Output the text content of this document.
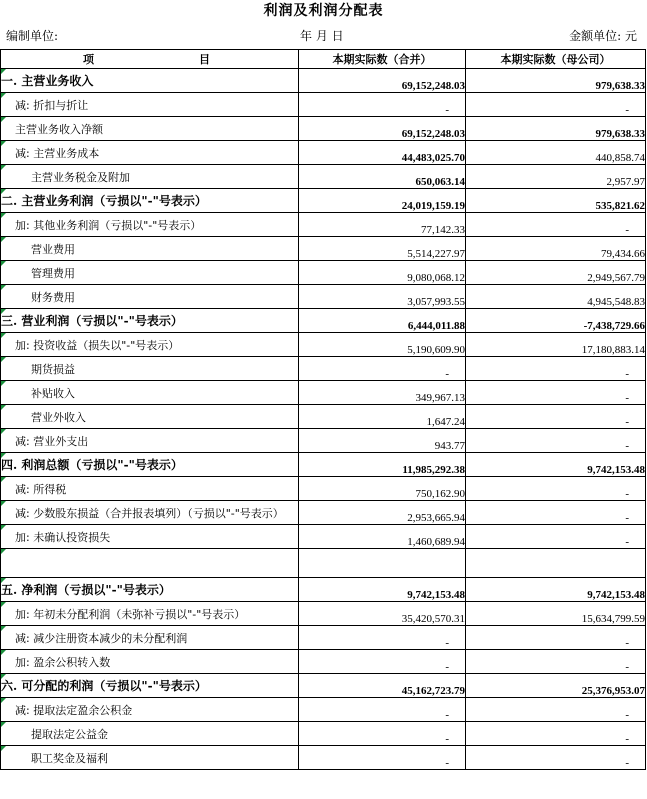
利润及利润分配表
编制单位:	年 月 日	金额单位: 元
项 目	本期实际数（合并）	本期实际数（母公司）
一. 主营业务收入	69,152,248.03	979,638.33
减: 折扣与折让	-	-
主营业务收入净额	69,152,248.03	979,638.33
减: 主营业务成本	44,483,025.70	440,858.74
主营业务税金及附加	650,063.14	2,957.97
二. 主营业务利润（亏损以"-"号表示）	24,019,159.19	535,821.62
加: 其他业务利润（亏损以"-"号表示）	77,142.33	-
营业费用	5,514,227.97	79,434.66
管理费用	9,080,068.12	2,949,567.79
财务费用	3,057,993.55	4,945,548.83
三. 营业利润（亏损以"-"号表示）	6,444,011.88	-7,438,729.66
加: 投资收益（损失以"-"号表示）	5,190,609.90	17,180,883.14
期货损益	-	-
补贴收入	349,967.13	-
营业外收入	1,647.24	-
减: 营业外支出	943.77	-
四. 利润总额（亏损以"-"号表示）	11,985,292.38	9,742,153.48
减: 所得税	750,162.90	-
减: 少数股东损益（合并报表填列）（亏损以"-"号表示）	2,953,665.94	-
加: 未确认投资损失	1,460,689.94	-

五. 净利润（亏损以"-"号表示）	9,742,153.48	9,742,153.48
加: 年初未分配利润（未弥补亏损以"-"号表示）	35,420,570.31	15,634,799.59
减: 减少注册资本减少的未分配利润	-	-
加: 盈余公积转入数	-	-
六. 可分配的利润（亏损以"-"号表示）	45,162,723.79	25,376,953.07
减: 提取法定盈余公积金	-	-
提取法定公益金	-	-
职工奖金及福利	-	-
